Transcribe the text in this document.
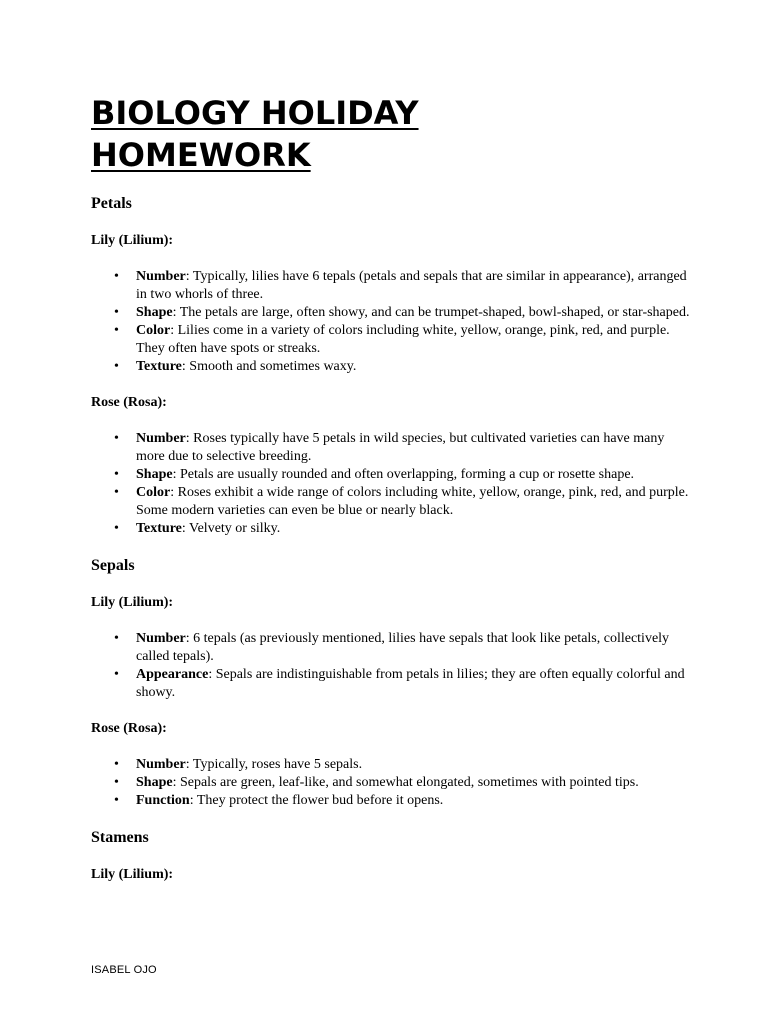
BIOLOGY HOLIDAY
HOMEWORK
Petals
Lily (Lilium):
• Number: Typically, lilies have 6 tepals (petals and sepals that are similar in appearance), arranged in two whorls of three.
• Shape: The petals are large, often showy, and can be trumpet-shaped, bowl-shaped, or star-shaped.
• Color: Lilies come in a variety of colors including white, yellow, orange, pink, red, and purple. They often have spots or streaks.
• Texture: Smooth and sometimes waxy.
Rose (Rosa):
• Number: Roses typically have 5 petals in wild species, but cultivated varieties can have many more due to selective breeding.
• Shape: Petals are usually rounded and often overlapping, forming a cup or rosette shape.
• Color: Roses exhibit a wide range of colors including white, yellow, orange, pink, red, and purple. Some modern varieties can even be blue or nearly black.
• Texture: Velvety or silky.
Sepals
Lily (Lilium):
• Number: 6 tepals (as previously mentioned, lilies have sepals that look like petals, collectively called tepals).
• Appearance: Sepals are indistinguishable from petals in lilies; they are often equally colorful and showy.
Rose (Rosa):
• Number: Typically, roses have 5 sepals.
• Shape: Sepals are green, leaf-like, and somewhat elongated, sometimes with pointed tips.
• Function: They protect the flower bud before it opens.
Stamens
Lily (Lilium):
ISABEL OJO
